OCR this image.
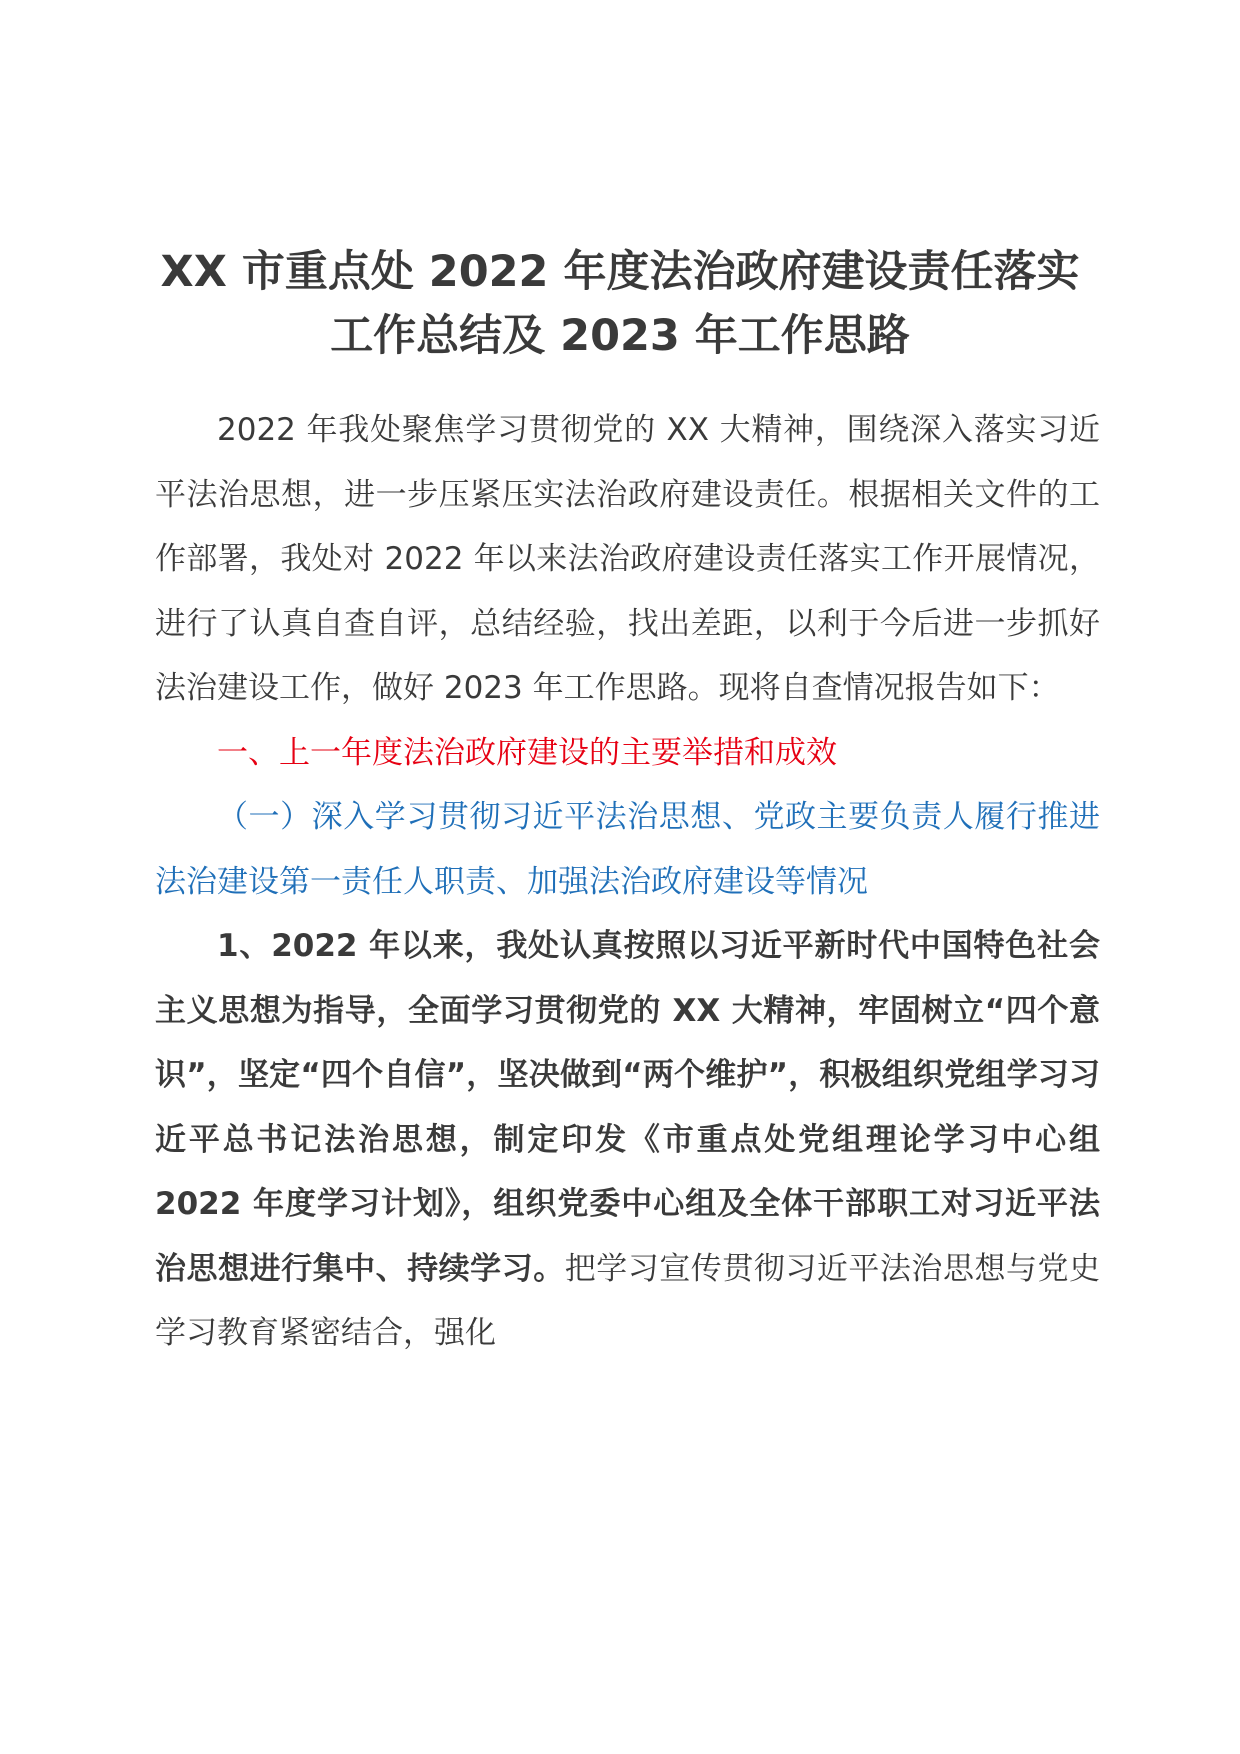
XX 市重点处 2022 年度法治政府建设责任落实工作总结及 2023 年工作思路

2022 年我处聚焦学习贯彻党的 XX 大精神，围绕深入落实习近平法治思想，进一步压紧压实法治政府建设责任。根据相关文件的工作部署，我处对 2022 年以来法治政府建设责任落实工作开展情况，进行了认真自查自评，总结经验，找出差距，以利于今后进一步抓好法治建设工作，做好 2023 年工作思路。现将自查情况报告如下：

一、上一年度法治政府建设的主要举措和成效

（一）深入学习贯彻习近平法治思想、党政主要负责人履行推进法治建设第一责任人职责、加强法治政府建设等情况

1、2022 年以来，我处认真按照以习近平新时代中国特色社会主义思想为指导，全面学习贯彻党的 XX 大精神，牢固树立“四个意识”，坚定“四个自信”，坚决做到“两个维护”，积极组织党组学习习近平总书记法治思想，制定印发《市重点处党组理论学习中心组 2022 年度学习计划》，组织党委中心组及全体干部职工对习近平法治思想进行集中、持续学习。把学习宣传贯彻习近平法治思想与党史学习教育紧密结合，强化
